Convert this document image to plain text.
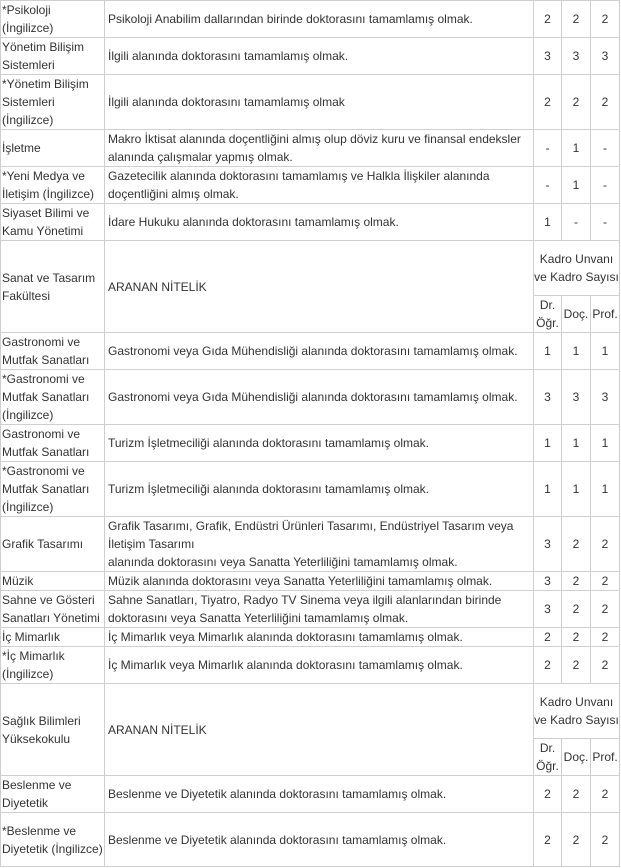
*Psikoloji (İngilizce)	Psikoloji Anabilim dallarından birinde doktorasını tamamlamış olmak.	2	2	2
Yönetim Bilişim Sistemleri	İlgili alanında doktorasını tamamlamış olmak.	3	3	3
*Yönetim Bilişim Sistemleri (İngilizce)	İlgili alanında doktorasını tamamlamış olmak	2	2	2
İşletme	Makro İktisat alanında doçentliğini almış olup döviz kuru ve finansal endeksler alanında çalışmalar yapmış olmak.	-	1	-
*Yeni Medya ve İletişim (İngilizce)	Gazetecilik alanında doktorasını tamamlamış ve Halkla İlişkiler alanında doçentliğini almış olmak.	-	1	-
Siyaset Bilimi ve Kamu Yönetimi	İdare Hukuku alanında doktorasını tamamlamış olmak.	1	-	-
Sanat ve Tasarım Fakültesi	ARANAN NİTELİK	Kadro Unvanı ve Kadro Sayısı		
		Dr. Öğr.	Doç.	Prof.
Gastronomi ve Mutfak Sanatları	Gastronomi veya Gıda Mühendisliği alanında doktorasını tamamlamış olmak.	1	1	1
*Gastronomi ve Mutfak Sanatları (İngilizce)	Gastronomi veya Gıda Mühendisliği alanında doktorasını tamamlamış olmak.	3	3	3
Gastronomi ve Mutfak Sanatları	Turizm İşletmeciliği alanında doktorasını tamamlamış olmak.	1	1	1
*Gastronomi ve Mutfak Sanatları (İngilizce)	Turizm İşletmeciliği alanında doktorasını tamamlamış olmak.	1	1	1
Grafik Tasarımı	Grafik Tasarımı, Grafik, Endüstri Ürünleri Tasarımı, Endüstriyel Tasarım veya İletişim Tasarımı
alanında doktorasını veya Sanatta Yeterliliğini tamamlamış olmak.	3	2	2
Müzik	Müzik alanında doktorasını veya Sanatta Yeterliliğini tamamlamış olmak.	3	2	2
Sahne ve Gösteri Sanatları Yönetimi	Sahne Sanatları, Tiyatro, Radyo TV Sinema veya ilgili alanlarından birinde doktorasını veya Sanatta Yeterliliğini tamamlamış olmak.	3	2	2
İç Mimarlık	İç Mimarlık veya Mimarlık alanında doktorasını tamamlamış olmak.	2	2	2
*İç Mimarlık (İngilizce)	İç Mimarlık veya Mimarlık alanında doktorasını tamamlamış olmak.	2	2	2
Sağlık Bilimleri Yüksekokulu	ARANAN NİTELİK	Kadro Unvanı ve Kadro Sayısı		
		Dr. Öğr.	Doç.	Prof.
Beslenme ve Diyetetik	Beslenme ve Diyetetik alanında doktorasını tamamlamış olmak.	2	2	2
*Beslenme ve Diyetetik (İngilizce)	Beslenme ve Diyetetik alanında doktorasını tamamlamış olmak.	2	2	2
